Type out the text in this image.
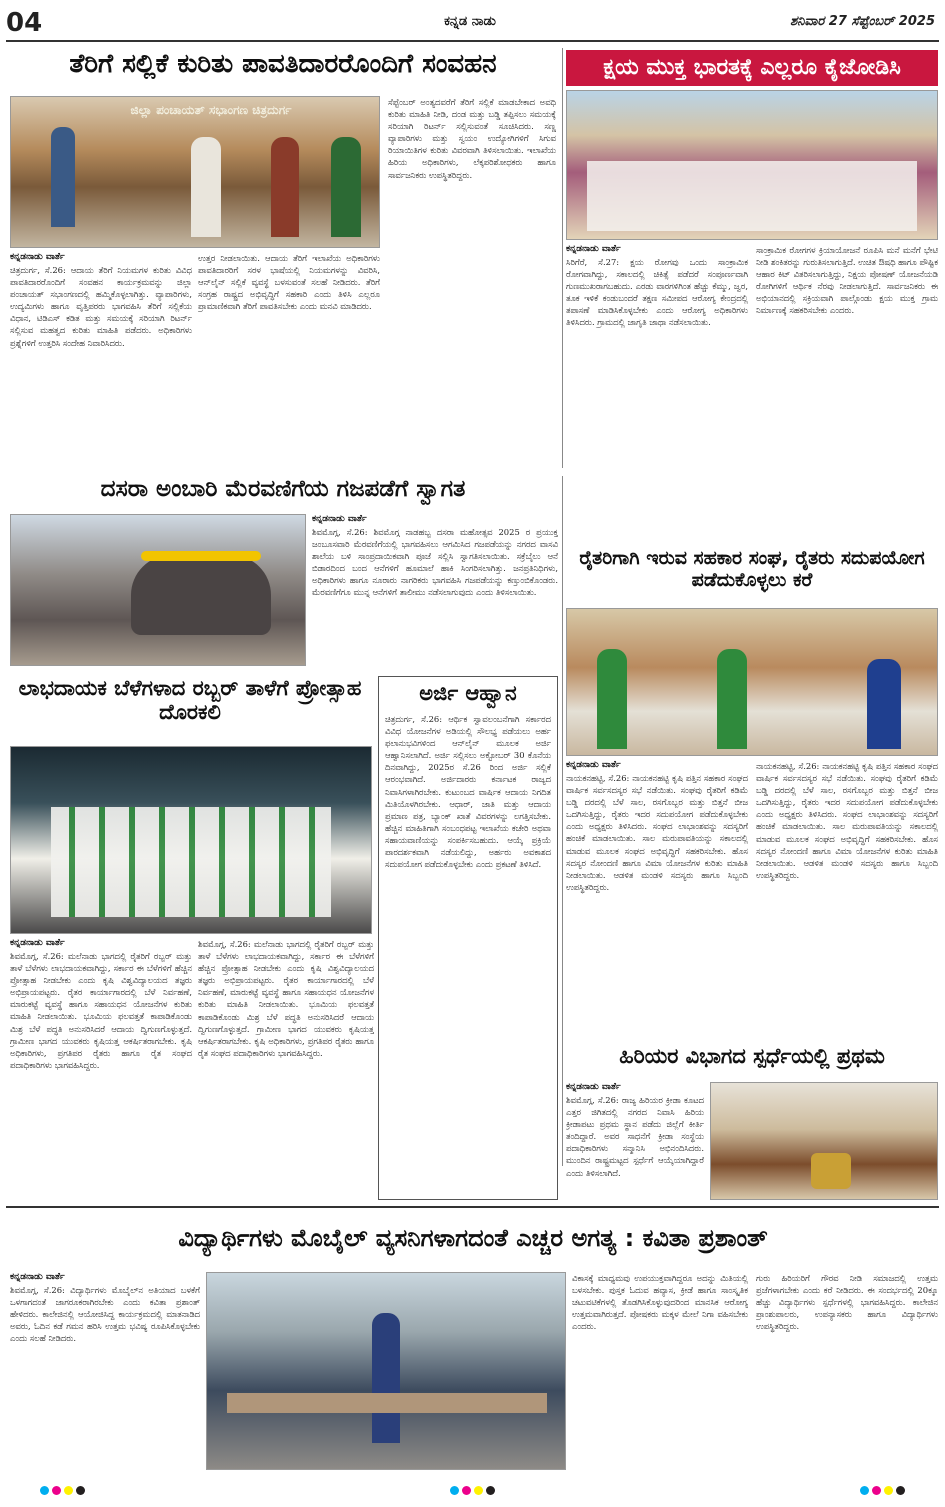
04	ಕನ್ನಡ ನಾಡು	ಶನಿವಾರ 27 ಸೆಪ್ಟೆಂಬರ್ 2025
ತೆರಿಗೆ ಸಲ್ಲಿಕೆ ಕುರಿತು ಪಾವತಿದಾರರೊಂದಿಗೆ ಸಂವಹನ
ಜಿಲ್ಲಾ ಪಂಚಾಯತ್ ಸಭಾಂಗಣ ಚಿತ್ರದುರ್ಗ
ಸೆಪ್ಟೆಂಬರ್ ಅಂತ್ಯದವರೆಗೆ ತೆರಿಗೆ ಸಲ್ಲಿಕೆ ಮಾಡಬೇಕಾದ ಅವಧಿ ಕುರಿತು ಮಾಹಿತಿ ನೀಡಿ, ದಂಡ ಮತ್ತು ಬಡ್ಡಿ ತಪ್ಪಿಸಲು ಸಮಯಕ್ಕೆ ಸರಿಯಾಗಿ ರಿಟರ್ನ್ ಸಲ್ಲಿಸುವಂತೆ ಸೂಚಿಸಿದರು. ಸಣ್ಣ ವ್ಯಾಪಾರಿಗಳು ಮತ್ತು ಸ್ವಯಂ ಉದ್ಯೋಗಿಗಳಿಗೆ ಸಿಗುವ ರಿಯಾಯಿತಿಗಳ ಕುರಿತು ವಿವರವಾಗಿ ತಿಳಿಸಲಾಯಿತು. ಇಲಾಖೆಯ ಹಿರಿಯ ಅಧಿಕಾರಿಗಳು, ಲೆಕ್ಕಪರಿಶೋಧಕರು ಹಾಗೂ ಸಾರ್ವಜನಿಕರು ಉಪಸ್ಥಿತರಿದ್ದರು.
ಕನ್ನಡನಾಡು ವಾರ್ತೆ
ಚಿತ್ರದುರ್ಗ, ಸೆ.26: ಆದಾಯ ತೆರಿಗೆ ನಿಯಮಗಳ ಕುರಿತು ವಿವಿಧ ಪಾವತಿದಾರರೊಂದಿಗೆ ಸಂವಹನ ಕಾರ್ಯಕ್ರಮವನ್ನು ಜಿಲ್ಲಾ ಪಂಚಾಯತ್ ಸಭಾಂಗಣದಲ್ಲಿ ಹಮ್ಮಿಕೊಳ್ಳಲಾಗಿತ್ತು. ವ್ಯಾಪಾರಿಗಳು, ಉದ್ಯಮಿಗಳು ಹಾಗೂ ವೃತ್ತಿಪರರು ಭಾಗವಹಿಸಿ ತೆರಿಗೆ ಸಲ್ಲಿಕೆಯ ವಿಧಾನ, ಟಿಡಿಎಸ್ ಕಡಿತ ಮತ್ತು ಸಮಯಕ್ಕೆ ಸರಿಯಾಗಿ ರಿಟರ್ನ್ ಸಲ್ಲಿಸುವ ಮಹತ್ವದ ಕುರಿತು ಮಾಹಿತಿ ಪಡೆದರು. ಅಧಿಕಾರಿಗಳು ಪ್ರಶ್ನೆಗಳಿಗೆ ಉತ್ತರಿಸಿ ಸಂದೇಹ ನಿವಾರಿಸಿದರು.
ಉತ್ತರ ನೀಡಲಾಯಿತು. ಆದಾಯ ತೆರಿಗೆ ಇಲಾಖೆಯ ಅಧಿಕಾರಿಗಳು ಪಾವತಿದಾರರಿಗೆ ಸರಳ ಭಾಷೆಯಲ್ಲಿ ನಿಯಮಗಳನ್ನು ವಿವರಿಸಿ, ಆನ್‌ಲೈನ್ ಸಲ್ಲಿಕೆ ವ್ಯವಸ್ಥೆ ಬಳಸುವಂತೆ ಸಲಹೆ ನೀಡಿದರು. ತೆರಿಗೆ ಸಂಗ್ರಹ ರಾಷ್ಟ್ರದ ಅಭಿವೃದ್ಧಿಗೆ ಸಹಕಾರಿ ಎಂದು ತಿಳಿಸಿ ಎಲ್ಲರೂ ಪ್ರಾಮಾಣಿಕವಾಗಿ ತೆರಿಗೆ ಪಾವತಿಸಬೇಕು ಎಂದು ಮನವಿ ಮಾಡಿದರು.
ಕ್ಷಯ ಮುಕ್ತ ಭಾರತಕ್ಕೆ ಎಲ್ಲರೂ ಕೈಜೋಡಿಸಿ
ಕನ್ನಡನಾಡು ವಾರ್ತೆ
ಸಿರಿಗೆರೆ, ಸೆ.27: ಕ್ಷಯ ರೋಗವು ಒಂದು ಸಾಂಕ್ರಾಮಿಕ ರೋಗವಾಗಿದ್ದು, ಸಕಾಲದಲ್ಲಿ ಚಿಕಿತ್ಸೆ ಪಡೆದರೆ ಸಂಪೂರ್ಣವಾಗಿ ಗುಣಮುಖರಾಗಬಹುದು. ಎರಡು ವಾರಗಳಿಗಿಂತ ಹೆಚ್ಚು ಕೆಮ್ಮು, ಜ್ವರ, ತೂಕ ಇಳಿಕೆ ಕಂಡುಬಂದರೆ ತಕ್ಷಣ ಸಮೀಪದ ಆರೋಗ್ಯ ಕೇಂದ್ರದಲ್ಲಿ ತಪಾಸಣೆ ಮಾಡಿಸಿಕೊಳ್ಳಬೇಕು ಎಂದು ಆರೋಗ್ಯ ಅಧಿಕಾರಿಗಳು ತಿಳಿಸಿದರು. ಗ್ರಾಮದಲ್ಲಿ ಜಾಗೃತಿ ಜಾಥಾ ನಡೆಸಲಾಯಿತು.
ಸಾಂಕ್ರಾಮಿಕ ರೋಗಗಳ ಕ್ರಿಯಾಯೋಜನೆ ರೂಪಿಸಿ ಮನೆ ಮನೆಗೆ ಭೇಟಿ ನೀಡಿ ಶಂಕಿತರನ್ನು ಗುರುತಿಸಲಾಗುತ್ತಿದೆ. ಉಚಿತ ಔಷಧಿ ಹಾಗೂ ಪೌಷ್ಟಿಕ ಆಹಾರ ಕಿಟ್ ವಿತರಿಸಲಾಗುತ್ತಿದ್ದು, ನಿಕ್ಷಯ ಪೋಷಣ್ ಯೋಜನೆಯಡಿ ರೋಗಿಗಳಿಗೆ ಆರ್ಥಿಕ ನೆರವು ನೀಡಲಾಗುತ್ತಿದೆ. ಸಾರ್ವಜನಿಕರು ಈ ಅಭಿಯಾನದಲ್ಲಿ ಸಕ್ರಿಯವಾಗಿ ಪಾಲ್ಗೊಂಡು ಕ್ಷಯ ಮುಕ್ತ ಗ್ರಾಮ ನಿರ್ಮಾಣಕ್ಕೆ ಸಹಕರಿಸಬೇಕು ಎಂದರು.
ದಸರಾ ಅಂಬಾರಿ ಮೆರವಣಿಗೆಯ ಗಜಪಡೆಗೆ ಸ್ವಾಗತ
ಕನ್ನಡನಾಡು ವಾರ್ತೆ
ಶಿವಮೊಗ್ಗ, ಸೆ.26: ಶಿವಮೊಗ್ಗ ನಾಡಹಬ್ಬ ದಸರಾ ಮಹೋತ್ಸವ 2025 ರ ಪ್ರಯುಕ್ತ ಜಂಬೂಸವಾರಿ ಮೆರವಣಿಗೆಯಲ್ಲಿ ಭಾಗವಹಿಸಲು ಆಗಮಿಸಿದ ಗಜಪಡೆಯನ್ನು ನಗರದ ವಾಸವಿ ಶಾಲೆಯ ಬಳಿ ಸಾಂಪ್ರದಾಯಿಕವಾಗಿ ಪೂಜೆ ಸಲ್ಲಿಸಿ ಸ್ವಾಗತಿಸಲಾಯಿತು. ಸಕ್ರೆಬೈಲು ಆನೆ ಬಿಡಾರದಿಂದ ಬಂದ ಆನೆಗಳಿಗೆ ಹೂಮಾಲೆ ಹಾಕಿ ಸಿಂಗರಿಸಲಾಗಿತ್ತು. ಜನಪ್ರತಿನಿಧಿಗಳು, ಅಧಿಕಾರಿಗಳು ಹಾಗೂ ನೂರಾರು ನಾಗರಿಕರು ಭಾಗವಹಿಸಿ ಗಜಪಡೆಯನ್ನು ಕಣ್ತುಂಬಿಕೊಂಡರು. ಮೆರವಣಿಗೆಗೂ ಮುನ್ನ ಆನೆಗಳಿಗೆ ತಾಲೀಮು ನಡೆಸಲಾಗುವುದು ಎಂದು ತಿಳಿಸಲಾಯಿತು.
ರೈತರಿಗಾಗಿ ಇರುವ ಸಹಕಾರ ಸಂಘ, ರೈತರು ಸದುಪಯೋಗ ಪಡೆದುಕೊಳ್ಳಲು ಕರೆ
ಕನ್ನಡನಾಡು ವಾರ್ತೆ
ನಾಯಕನಹಟ್ಟಿ, ಸೆ.26: ನಾಯಕನಹಟ್ಟಿ ಕೃಷಿ ಪತ್ತಿನ ಸಹಕಾರ ಸಂಘದ ವಾರ್ಷಿಕ ಸರ್ವಸದಸ್ಯರ ಸಭೆ ನಡೆಯಿತು. ಸಂಘವು ರೈತರಿಗೆ ಕಡಿಮೆ ಬಡ್ಡಿ ದರದಲ್ಲಿ ಬೆಳೆ ಸಾಲ, ರಸಗೊಬ್ಬರ ಮತ್ತು ಬಿತ್ತನೆ ಬೀಜ ಒದಗಿಸುತ್ತಿದ್ದು, ರೈತರು ಇದರ ಸದುಪಯೋಗ ಪಡೆದುಕೊಳ್ಳಬೇಕು ಎಂದು ಅಧ್ಯಕ್ಷರು ತಿಳಿಸಿದರು. ಸಂಘದ ಲಾಭಾಂಶವನ್ನು ಸದಸ್ಯರಿಗೆ ಹಂಚಿಕೆ ಮಾಡಲಾಯಿತು. ಸಾಲ ಮರುಪಾವತಿಯನ್ನು ಸಕಾಲದಲ್ಲಿ ಮಾಡುವ ಮೂಲಕ ಸಂಘದ ಅಭಿವೃದ್ಧಿಗೆ ಸಹಕರಿಸಬೇಕು. ಹೊಸ ಸದಸ್ಯರ ನೋಂದಣಿ ಹಾಗೂ ವಿಮಾ ಯೋಜನೆಗಳ ಕುರಿತು ಮಾಹಿತಿ ನೀಡಲಾಯಿತು. ಆಡಳಿತ ಮಂಡಳಿ ಸದಸ್ಯರು ಹಾಗೂ ಸಿಬ್ಬಂದಿ ಉಪಸ್ಥಿತರಿದ್ದರು.
ನಾಯಕನಹಟ್ಟಿ, ಸೆ.26: ನಾಯಕನಹಟ್ಟಿ ಕೃಷಿ ಪತ್ತಿನ ಸಹಕಾರ ಸಂಘದ ವಾರ್ಷಿಕ ಸರ್ವಸದಸ್ಯರ ಸಭೆ ನಡೆಯಿತು. ಸಂಘವು ರೈತರಿಗೆ ಕಡಿಮೆ ಬಡ್ಡಿ ದರದಲ್ಲಿ ಬೆಳೆ ಸಾಲ, ರಸಗೊಬ್ಬರ ಮತ್ತು ಬಿತ್ತನೆ ಬೀಜ ಒದಗಿಸುತ್ತಿದ್ದು, ರೈತರು ಇದರ ಸದುಪಯೋಗ ಪಡೆದುಕೊಳ್ಳಬೇಕು ಎಂದು ಅಧ್ಯಕ್ಷರು ತಿಳಿಸಿದರು. ಸಂಘದ ಲಾಭಾಂಶವನ್ನು ಸದಸ್ಯರಿಗೆ ಹಂಚಿಕೆ ಮಾಡಲಾಯಿತು. ಸಾಲ ಮರುಪಾವತಿಯನ್ನು ಸಕಾಲದಲ್ಲಿ ಮಾಡುವ ಮೂಲಕ ಸಂಘದ ಅಭಿವೃದ್ಧಿಗೆ ಸಹಕರಿಸಬೇಕು. ಹೊಸ ಸದಸ್ಯರ ನೋಂದಣಿ ಹಾಗೂ ವಿಮಾ ಯೋಜನೆಗಳ ಕುರಿತು ಮಾಹಿತಿ ನೀಡಲಾಯಿತು. ಆಡಳಿತ ಮಂಡಳಿ ಸದಸ್ಯರು ಹಾಗೂ ಸಿಬ್ಬಂದಿ ಉಪಸ್ಥಿತರಿದ್ದರು.
ಲಾಭದಾಯಕ ಬೆಳೆಗಳಾದ ರಬ್ಬರ್ ತಾಳೆಗೆ ಪ್ರೋತ್ಸಾಹ ದೊರಕಲಿ
ಕನ್ನಡನಾಡು ವಾರ್ತೆ
ಶಿವಮೊಗ್ಗ, ಸೆ.26: ಮಲೆನಾಡು ಭಾಗದಲ್ಲಿ ರೈತರಿಗೆ ರಬ್ಬರ್ ಮತ್ತು ತಾಳೆ ಬೆಳೆಗಳು ಲಾಭದಾಯಕವಾಗಿದ್ದು, ಸರ್ಕಾರ ಈ ಬೆಳೆಗಳಿಗೆ ಹೆಚ್ಚಿನ ಪ್ರೋತ್ಸಾಹ ನೀಡಬೇಕು ಎಂದು ಕೃಷಿ ವಿಶ್ವವಿದ್ಯಾಲಯದ ತಜ್ಞರು ಅಭಿಪ್ರಾಯಪಟ್ಟರು. ರೈತರ ಕಾರ್ಯಾಗಾರದಲ್ಲಿ ಬೆಳೆ ನಿರ್ವಹಣೆ, ಮಾರುಕಟ್ಟೆ ವ್ಯವಸ್ಥೆ ಹಾಗೂ ಸಹಾಯಧನ ಯೋಜನೆಗಳ ಕುರಿತು ಮಾಹಿತಿ ನೀಡಲಾಯಿತು. ಭೂಮಿಯ ಫಲವತ್ತತೆ ಕಾಪಾಡಿಕೊಂಡು ಮಿಶ್ರ ಬೆಳೆ ಪದ್ಧತಿ ಅನುಸರಿಸಿದರೆ ಆದಾಯ ದ್ವಿಗುಣಗೊಳ್ಳುತ್ತದೆ. ಗ್ರಾಮೀಣ ಭಾಗದ ಯುವಕರು ಕೃಷಿಯತ್ತ ಆಕರ್ಷಿತರಾಗಬೇಕು. ಕೃಷಿ ಅಧಿಕಾರಿಗಳು, ಪ್ರಗತಿಪರ ರೈತರು ಹಾಗೂ ರೈತ ಸಂಘದ ಪದಾಧಿಕಾರಿಗಳು ಭಾಗವಹಿಸಿದ್ದರು.
ಶಿವಮೊಗ್ಗ, ಸೆ.26: ಮಲೆನಾಡು ಭಾಗದಲ್ಲಿ ರೈತರಿಗೆ ರಬ್ಬರ್ ಮತ್ತು ತಾಳೆ ಬೆಳೆಗಳು ಲಾಭದಾಯಕವಾಗಿದ್ದು, ಸರ್ಕಾರ ಈ ಬೆಳೆಗಳಿಗೆ ಹೆಚ್ಚಿನ ಪ್ರೋತ್ಸಾಹ ನೀಡಬೇಕು ಎಂದು ಕೃಷಿ ವಿಶ್ವವಿದ್ಯಾಲಯದ ತಜ್ಞರು ಅಭಿಪ್ರಾಯಪಟ್ಟರು. ರೈತರ ಕಾರ್ಯಾಗಾರದಲ್ಲಿ ಬೆಳೆ ನಿರ್ವಹಣೆ, ಮಾರುಕಟ್ಟೆ ವ್ಯವಸ್ಥೆ ಹಾಗೂ ಸಹಾಯಧನ ಯೋಜನೆಗಳ ಕುರಿತು ಮಾಹಿತಿ ನೀಡಲಾಯಿತು. ಭೂಮಿಯ ಫಲವತ್ತತೆ ಕಾಪಾಡಿಕೊಂಡು ಮಿಶ್ರ ಬೆಳೆ ಪದ್ಧತಿ ಅನುಸರಿಸಿದರೆ ಆದಾಯ ದ್ವಿಗುಣಗೊಳ್ಳುತ್ತದೆ. ಗ್ರಾಮೀಣ ಭಾಗದ ಯುವಕರು ಕೃಷಿಯತ್ತ ಆಕರ್ಷಿತರಾಗಬೇಕು. ಕೃಷಿ ಅಧಿಕಾರಿಗಳು, ಪ್ರಗತಿಪರ ರೈತರು ಹಾಗೂ ರೈತ ಸಂಘದ ಪದಾಧಿಕಾರಿಗಳು ಭಾಗವಹಿಸಿದ್ದರು.
ಅರ್ಜಿ ಆಹ್ವಾನ
ಚಿತ್ರದುರ್ಗ, ಸೆ.26: ಆರ್ಥಿಕ ಸ್ವಾವಲಂಬನೆಗಾಗಿ ಸರ್ಕಾರದ ವಿವಿಧ ಯೋಜನೆಗಳ ಅಡಿಯಲ್ಲಿ ಸೌಲಭ್ಯ ಪಡೆಯಲು ಅರ್ಹ ಫಲಾನುಭವಿಗಳಿಂದ ಆನ್‌ಲೈನ್ ಮೂಲಕ ಅರ್ಜಿ ಆಹ್ವಾನಿಸಲಾಗಿದೆ. ಅರ್ಜಿ ಸಲ್ಲಿಸಲು ಅಕ್ಟೋಬರ್ 30 ಕೊನೆಯ ದಿನವಾಗಿದ್ದು, 2025ರ ಸೆ.26 ರಿಂದ ಅರ್ಜಿ ಸಲ್ಲಿಕೆ ಆರಂಭವಾಗಿದೆ. ಅರ್ಜಿದಾರರು ಕರ್ನಾಟಕ ರಾಜ್ಯದ ನಿವಾಸಿಗಳಾಗಿರಬೇಕು. ಕುಟುಂಬದ ವಾರ್ಷಿಕ ಆದಾಯ ನಿಗದಿತ ಮಿತಿಯೊಳಗಿರಬೇಕು. ಆಧಾರ್, ಜಾತಿ ಮತ್ತು ಆದಾಯ ಪ್ರಮಾಣ ಪತ್ರ, ಬ್ಯಾಂಕ್ ಖಾತೆ ವಿವರಗಳನ್ನು ಲಗತ್ತಿಸಬೇಕು. ಹೆಚ್ಚಿನ ಮಾಹಿತಿಗಾಗಿ ಸಂಬಂಧಪಟ್ಟ ಇಲಾಖೆಯ ಕಚೇರಿ ಅಥವಾ ಸಹಾಯವಾಣಿಯನ್ನು ಸಂಪರ್ಕಿಸಬಹುದು. ಆಯ್ಕೆ ಪ್ರಕ್ರಿಯೆ ಪಾರದರ್ಶಕವಾಗಿ ನಡೆಯಲಿದ್ದು, ಅರ್ಹರು ಅವಕಾಶದ ಸದುಪಯೋಗ ಪಡೆದುಕೊಳ್ಳಬೇಕು ಎಂದು ಪ್ರಕಟಣೆ ತಿಳಿಸಿದೆ.
ಹಿರಿಯರ ವಿಭಾಗದ ಸ್ಪರ್ಧೆಯಲ್ಲಿ ಪ್ರಥಮ
ಕನ್ನಡನಾಡು ವಾರ್ತೆ
ಶಿವಮೊಗ್ಗ, ಸೆ.26: ರಾಜ್ಯ ಹಿರಿಯರ ಕ್ರೀಡಾ ಕೂಟದ ಎತ್ತರ ಜಿಗಿತದಲ್ಲಿ ನಗರದ ನಿವಾಸಿ ಹಿರಿಯ ಕ್ರೀಡಾಪಟು ಪ್ರಥಮ ಸ್ಥಾನ ಪಡೆದು ಜಿಲ್ಲೆಗೆ ಕೀರ್ತಿ ತಂದಿದ್ದಾರೆ. ಅವರ ಸಾಧನೆಗೆ ಕ್ರೀಡಾ ಸಂಸ್ಥೆಯ ಪದಾಧಿಕಾರಿಗಳು ಸನ್ಮಾನಿಸಿ ಅಭಿನಂದಿಸಿದರು. ಮುಂದಿನ ರಾಷ್ಟ್ರಮಟ್ಟದ ಸ್ಪರ್ಧೆಗೆ ಆಯ್ಕೆಯಾಗಿದ್ದಾರೆ ಎಂದು ತಿಳಿಸಲಾಗಿದೆ.
ವಿದ್ಯಾರ್ಥಿಗಳು ಮೊಬೈಲ್ ವ್ಯಸನಿಗಳಾಗದಂತೆ ಎಚ್ಚರ ಅಗತ್ಯ : ಕವಿತಾ ಪ್ರಶಾಂತ್
ಕನ್ನಡನಾಡು ವಾರ್ತೆ
ಶಿವಮೊಗ್ಗ, ಸೆ.26: ವಿದ್ಯಾರ್ಥಿಗಳು ಮೊಬೈಲ್‌ನ ಅತಿಯಾದ ಬಳಕೆಗೆ ಒಳಗಾಗದಂತೆ ಜಾಗರೂಕರಾಗಿರಬೇಕು ಎಂದು ಕವಿತಾ ಪ್ರಶಾಂತ್ ಹೇಳಿದರು. ಕಾಲೇಜಿನಲ್ಲಿ ಆಯೋಜಿಸಿದ್ದ ಕಾರ್ಯಕ್ರಮದಲ್ಲಿ ಮಾತನಾಡಿದ ಅವರು, ಓದಿನ ಕಡೆ ಗಮನ ಹರಿಸಿ ಉತ್ತಮ ಭವಿಷ್ಯ ರೂಪಿಸಿಕೊಳ್ಳಬೇಕು ಎಂದು ಸಲಹೆ ನೀಡಿದರು.
ವಿಕಾಸಕ್ಕೆ ಮಾಧ್ಯಮವು ಉಪಯುಕ್ತವಾಗಿದ್ದರೂ ಅದನ್ನು ಮಿತಿಯಲ್ಲಿ ಬಳಸಬೇಕು. ಪುಸ್ತಕ ಓದುವ ಹವ್ಯಾಸ, ಕ್ರೀಡೆ ಹಾಗೂ ಸಾಂಸ್ಕೃತಿಕ ಚಟುವಟಿಕೆಗಳಲ್ಲಿ ತೊಡಗಿಸಿಕೊಳ್ಳುವುದರಿಂದ ಮಾನಸಿಕ ಆರೋಗ್ಯ ಉತ್ತಮವಾಗಿರುತ್ತದೆ. ಪೋಷಕರು ಮಕ್ಕಳ ಮೇಲೆ ನಿಗಾ ವಹಿಸಬೇಕು ಎಂದರು.
ಗುರು ಹಿರಿಯರಿಗೆ ಗೌರವ ನೀಡಿ ಸಮಾಜದಲ್ಲಿ ಉತ್ತಮ ಪ್ರಜೆಗಳಾಗಬೇಕು ಎಂದು ಕರೆ ನೀಡಿದರು. ಈ ಸಂದರ್ಭದಲ್ಲಿ 20ಕ್ಕೂ ಹೆಚ್ಚು ವಿದ್ಯಾರ್ಥಿಗಳು ಸ್ಪರ್ಧೆಗಳಲ್ಲಿ ಭಾಗವಹಿಸಿದ್ದರು. ಕಾಲೇಜಿನ ಪ್ರಾಂಶುಪಾಲರು, ಉಪನ್ಯಾಸಕರು ಹಾಗೂ ವಿದ್ಯಾರ್ಥಿಗಳು ಉಪಸ್ಥಿತರಿದ್ದರು.
